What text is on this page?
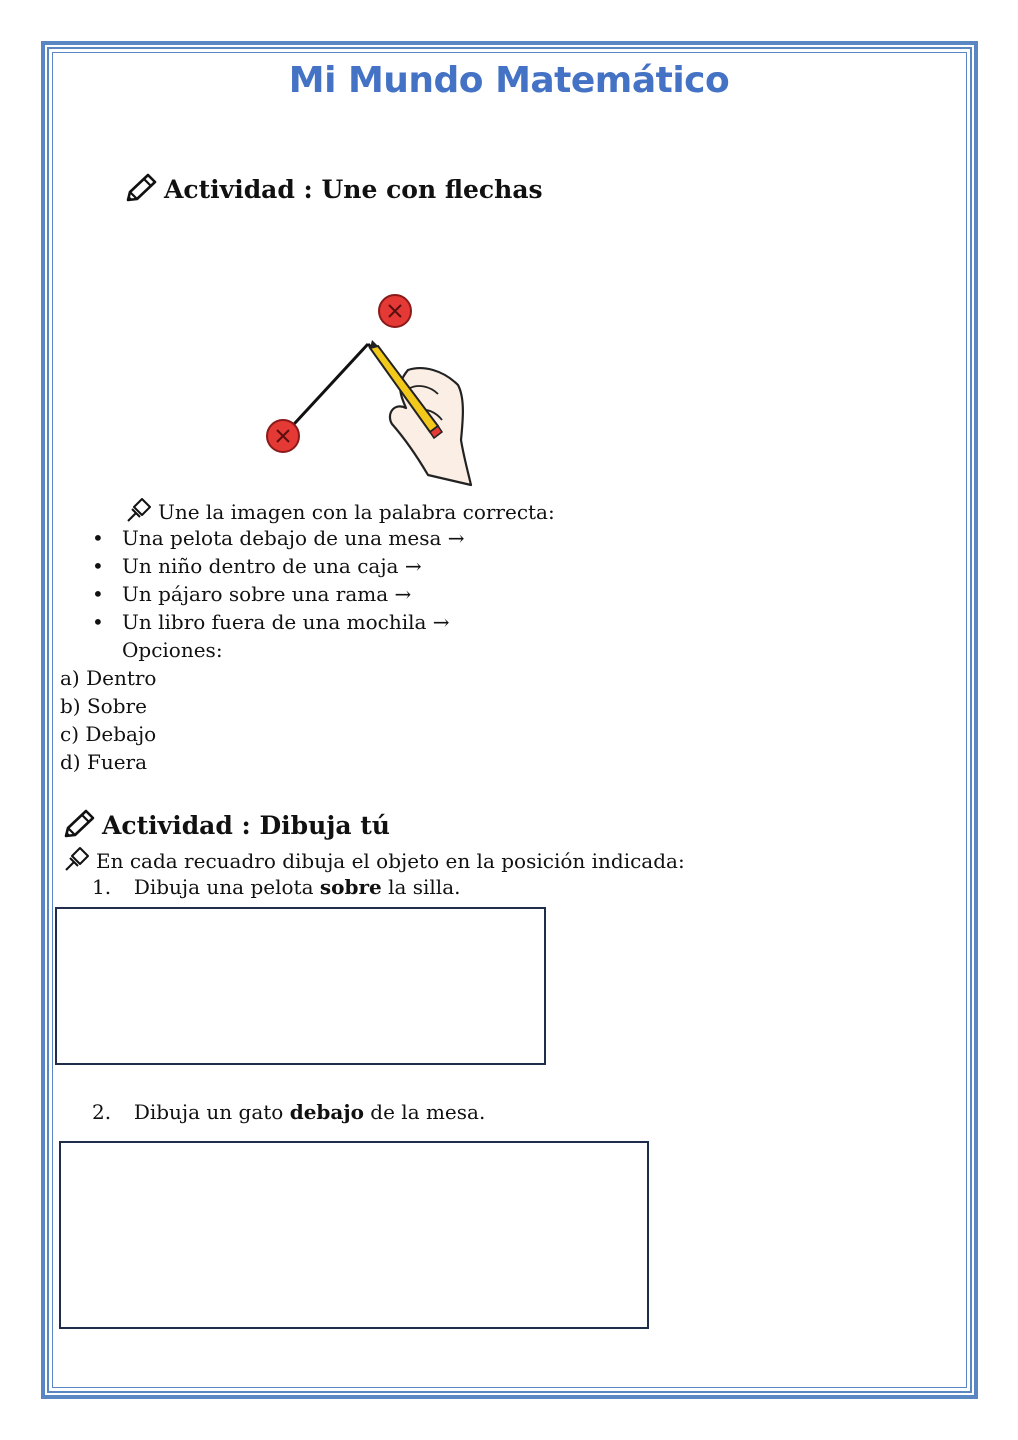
Mi Mundo Matemático
Actividad : Une con flechas
Une la imagen con la palabra correcta:
• Una pelota debajo de una mesa →
• Un niño dentro de una caja →
• Un pájaro sobre una rama →
• Un libro fuera de una mochila →
Opciones:
a) Dentro
b) Sobre
c) Debajo
d) Fuera
Actividad : Dibuja tú
En cada recuadro dibuja el objeto en la posición indicada:
1. Dibuja una pelota sobre la silla.
2. Dibuja un gato debajo de la mesa.
